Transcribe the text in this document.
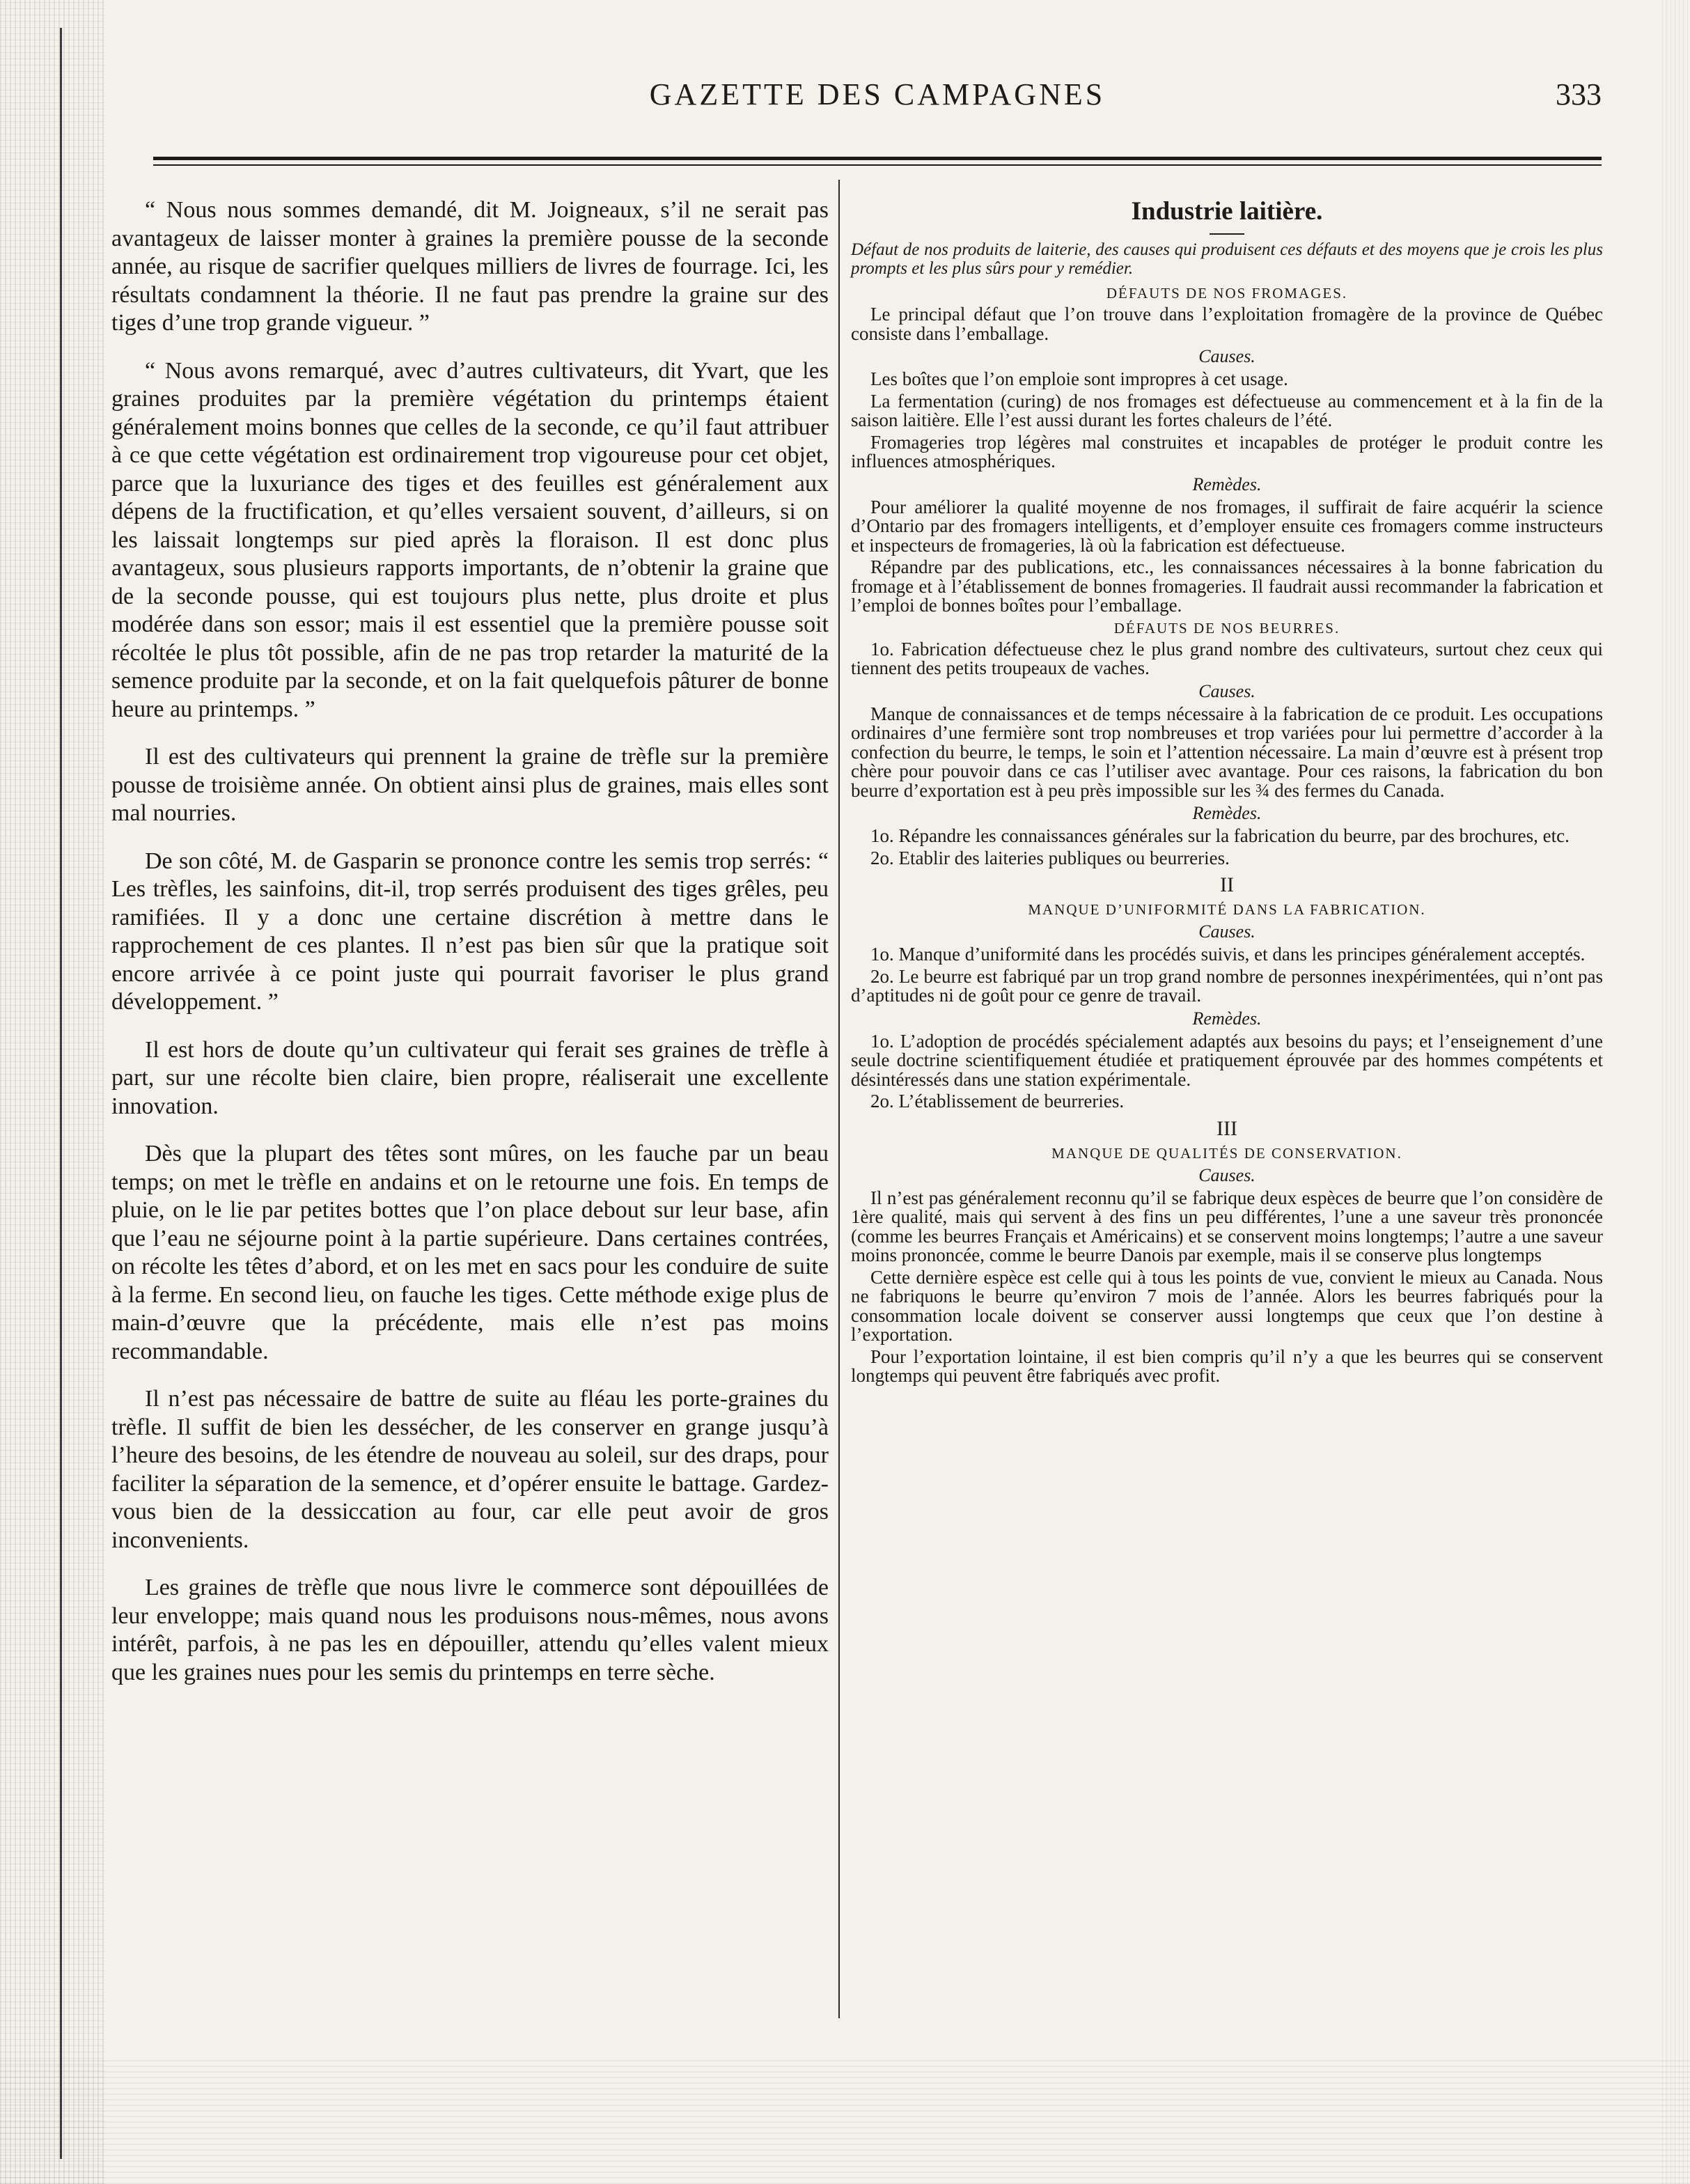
GAZETTE DES CAMPAGNES	333

“ Nous nous sommes demandé, dit M. Joigneaux, s’il ne serait pas avantageux de laisser monter à graines la première pousse de la seconde année, au risque de sacrifier quelques milliers de livres de fourrage. Ici, les résultats condamnent la théorie. Il ne faut pas prendre la graine sur des tiges d’une trop grande vigueur. ”

“ Nous avons remarqué, avec d’autres cultivateurs, dit Yvart, que les graines produites par la première végétation du printemps étaient généralement moins bonnes que celles de la seconde, ce qu’il faut attribuer à ce que cette végétation est ordinairement trop vigoureuse pour cet objet, parce que la luxuriance des tiges et des feuilles est généralement aux dépens de la fructification, et qu’elles versaient souvent, d’ailleurs, si on les laissait longtemps sur pied après la floraison. Il est donc plus avantageux, sous plusieurs rapports importants, de n’obtenir la graine que de la seconde pousse, qui est toujours plus nette, plus droite et plus modérée dans son essor; mais il est essentiel que la première pousse soit récoltée le plus tôt possible, afin de ne pas trop retarder la maturité de la semence produite par la seconde, et on la fait quelquefois pâturer de bonne heure au printemps. ”

Il est des cultivateurs qui prennent la graine de trèfle sur la première pousse de troisième année. On obtient ainsi plus de graines, mais elles sont mal nourries.

De son côté, M. de Gasparin se prononce contre les semis trop serrés: “ Les trèfles, les sainfoins, dit-il, trop serrés produisent des tiges grêles, peu ramifiées. Il y a donc une certaine discrétion à mettre dans le rapprochement de ces plantes. Il n’est pas bien sûr que la pratique soit encore arrivée à ce point juste qui pourrait favoriser le plus grand développement. ”

Il est hors de doute qu’un cultivateur qui ferait ses graines de trèfle à part, sur une récolte bien claire, bien propre, réaliserait une excellente innovation.

Dès que la plupart des têtes sont mûres, on les fauche par un beau temps; on met le trèfle en andains et on le retourne une fois. En temps de pluie, on le lie par petites bottes que l’on place debout sur leur base, afin que l’eau ne séjourne point à la partie supérieure. Dans certaines contrées, on récolte les têtes d’abord, et on les met en sacs pour les conduire de suite à la ferme. En second lieu, on fauche les tiges. Cette méthode exige plus de main-d’œuvre que la précédente, mais elle n’est pas moins recommandable.

Il n’est pas nécessaire de battre de suite au fléau les porte-graines du trèfle. Il suffit de bien les dessécher, de les conserver en grange jusqu’à l’heure des besoins, de les étendre de nouveau au soleil, sur des draps, pour faciliter la séparation de la semence, et d’opérer ensuite le battage. Gardez-vous bien de la dessiccation au four, car elle peut avoir de gros inconvenients.

Les graines de trèfle que nous livre le commerce sont dépouillées de leur enveloppe; mais quand nous les produisons nous-mêmes, nous avons intérêt, parfois, à ne pas les en dépouiller, attendu qu’elles valent mieux que les graines nues pour les semis du printemps en terre sèche.

Industrie laitière.
Défaut de nos produits de laiterie, des causes qui produisent ces défauts et des moyens que je crois les plus prompts et les plus sûrs pour y remédier.
DÉFAUTS DE NOS FROMAGES.

Le principal défaut que l’on trouve dans l’exploitation fromagère de la province de Québec consiste dans l’emballage.

Causes.

Les boîtes que l’on emploie sont impropres à cet usage.

La fermentation (curing) de nos fromages est défectueuse au commencement et à la fin de la saison laitière. Elle l’est aussi durant les fortes chaleurs de l’été.

Fromageries trop légères mal construites et incapables de protéger le produit contre les influences atmosphériques.

Remèdes.

Pour améliorer la qualité moyenne de nos fromages, il suffirait de faire acquérir la science d’Ontario par des fromagers intelligents, et d’employer ensuite ces fromagers comme instructeurs et inspecteurs de fromageries, là où la fabrication est défectueuse.

Répandre par des publications, etc., les connaissances nécessaires à la bonne fabrication du fromage et à l’établissement de bonnes fromageries. Il faudrait aussi recommander la fabrication et l’emploi de bonnes boîtes pour l’emballage.

DÉFAUTS DE NOS BEURRES.

1o. Fabrication défectueuse chez le plus grand nombre des cultivateurs, surtout chez ceux qui tiennent des petits troupeaux de vaches.

Causes.

Manque de connaissances et de temps nécessaire à la fabrication de ce produit. Les occupations ordinaires d’une fermière sont trop nombreuses et trop variées pour lui permettre d’accorder à la confection du beurre, le temps, le soin et l’attention nécessaire. La main d’œuvre est à présent trop chère pour pouvoir dans ce cas l’utiliser avec avantage. Pour ces raisons, la fabrication du bon beurre d’exportation est à peu près impossible sur les ¾ des fermes du Canada.

Remèdes.

1o. Répandre les connaissances générales sur la fabrication du beurre, par des brochures, etc.

2o. Etablir des laiteries publiques ou beurreries.

II
MANQUE D’UNIFORMITÉ DANS LA FABRICATION.
Causes.

1o. Manque d’uniformité dans les procédés suivis, et dans les principes généralement acceptés.

2o. Le beurre est fabriqué par un trop grand nombre de personnes inexpérimentées, qui n’ont pas d’aptitudes ni de goût pour ce genre de travail.

Remèdes.

1o. L’adoption de procédés spécialement adaptés aux besoins du pays; et l’enseignement d’une seule doctrine scientifiquement étudiée et pratiquement éprouvée par des hommes compétents et désintéressés dans une station expérimentale.

2o. L’établissement de beurreries.

III
MANQUE DE QUALITÉS DE CONSERVATION.
Causes.

Il n’est pas généralement reconnu qu’il se fabrique deux espèces de beurre que l’on considère de 1ère qualité, mais qui servent à des fins un peu différentes, l’une a une saveur très prononcée (comme les beurres Français et Américains) et se conservent moins longtemps; l’autre a une saveur moins prononcée, comme le beurre Danois par exemple, mais il se conserve plus longtemps

Cette dernière espèce est celle qui à tous les points de vue, convient le mieux au Canada. Nous ne fabriquons le beurre qu’environ 7 mois de l’année. Alors les beurres fabriqués pour la consommation locale doivent se conserver aussi longtemps que ceux que l’on destine à l’exportation.

Pour l’exportation lointaine, il est bien compris qu’il n’y a que les beurres qui se conservent longtemps qui peuvent être fabriqués avec profit.
